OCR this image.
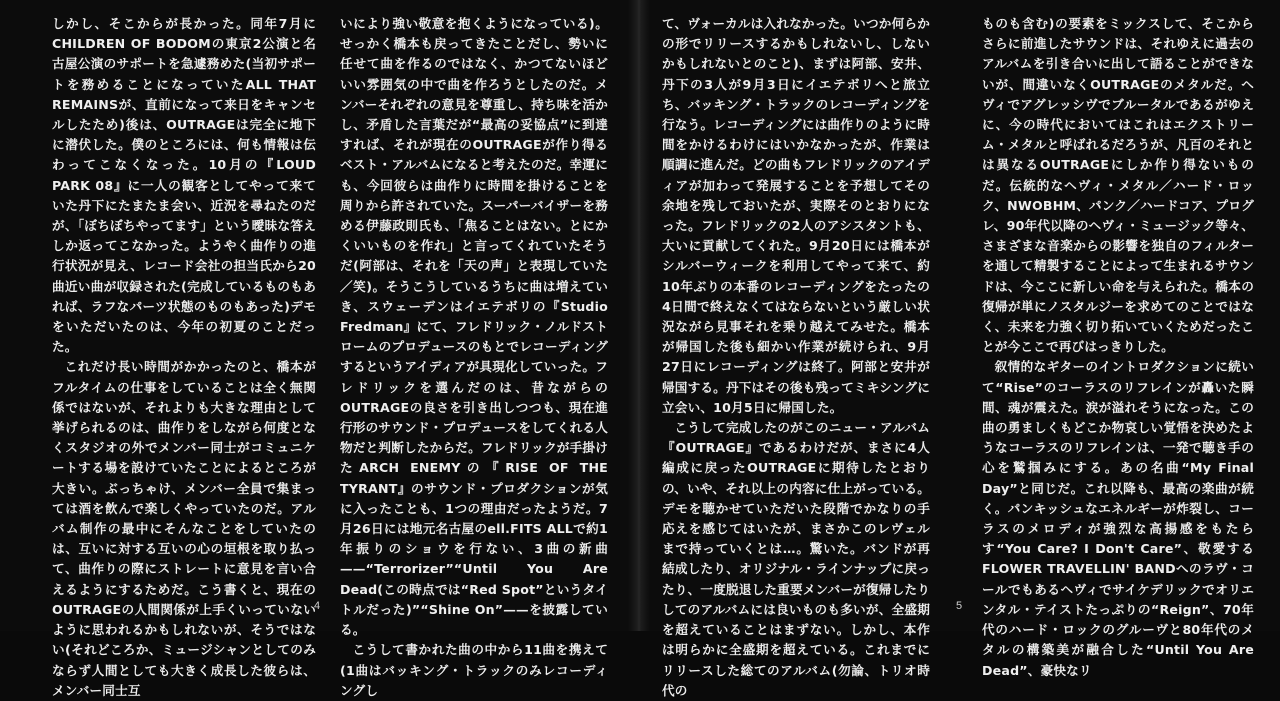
しかし、そこからが長かった。同年7月にCHILDREN OF BODOMの東京2公演と名古屋公演のサポートを急遽務めた(当初サポートを務めることになっていたALL THAT REMAINSが、直前になって来日をキャンセルしたため)後は、OUTRAGEは完全に地下に潜伏した。僕のところには、何も情報は伝わってこなくなった。10月の『LOUD PARK 08』に一人の観客としてやって来ていた丹下にたまたま会い、近況を尋ねたのだが、「ぼちぼちやってます」という曖昧な答えしか返ってこなかった。ようやく曲作りの進行状況が見え、レコード会社の担当氏から20曲近い曲が収録された(完成しているものもあれば、ラフなパーツ状態のものもあった)デモをいただいたのは、今年の初夏のことだった。

これだけ長い時間がかかったのと、橋本がフルタイムの仕事をしていることは全く無関係ではないが、それよりも大きな理由として挙げられるのは、曲作りをしながら何度となくスタジオの外でメンバー同士がコミュニケートする場を設けていたことによるところが大きい。ぶっちゃけ、メンバー全員で集まっては酒を飲んで楽しくやっていたのだ。アルバム制作の最中にそんなことをしていたのは、互いに対する互いの心の垣根を取り払って、曲作りの際にストレートに意見を言い合えるようにするためだ。こう書くと、現在のOUTRAGEの人間関係が上手くいっていないように思われるかもしれないが、そうではない(それどころか、ミュージシャンとしてのみならず人間としても大きく成長した彼らは、メンバー同士互

いにより強い敬意を抱くようになっている)。せっかく橋本も戻ってきたことだし、勢いに任せて曲を作るのではなく、かつてないほどいい雰囲気の中で曲を作ろうとしたのだ。メンバーそれぞれの意見を尊重し、持ち味を活かし、矛盾した言葉だが“最高の妥協点”に到達すれば、それが現在のOUTRAGEが作り得るベスト・アルバムになると考えたのだ。幸運にも、今回彼らは曲作りに時間を掛けることを周りから許されていた。スーパーバイザーを務める伊藤政則氏も、「焦ることはない。とにかくいいものを作れ」と言ってくれていたそうだ(阿部は、それを「天の声」と表現していた／笑)。そうこうしているうちに曲は増えていき、スウェーデンはイエテボリの『Studio Fredman』にて、フレドリック・ノルドストロームのプロデュースのもとでレコーディングするというアイディアが具現化していった。フレドリックを選んだのは、昔ながらのOUTRAGEの良さを引き出しつつも、現在進行形のサウンド・プロデュースをしてくれる人物だと判断したからだ。フレドリックが手掛けたARCH ENEMYの『RISE OF THE TYRANT』のサウンド・プロダクションが気に入ったことも、1つの理由だったようだ。7月26日には地元名古屋のell.FITS ALLで約1年振りのショウを行ない、3曲の新曲——“Terrorizer”“Until You Are Dead(この時点では“Red Spot”というタイトルだった)”“Shine On”——を披露している。

こうして書かれた曲の中から11曲を携えて(1曲はバッキング・トラックのみレコーディングし

4

て、ヴォーカルは入れなかった。いつか何らかの形でリリースするかもしれないし、しないかもしれないとのこと)、まずは阿部、安井、丹下の3人が9月3日にイエテボリへと旅立ち、バッキング・トラックのレコーディングを行なう。レコーディングには曲作りのように時間をかけるわけにはいかなかったが、作業は順調に進んだ。どの曲もフレドリックのアイディアが加わって発展することを予想してその余地を残しておいたが、実際そのとおりになった。フレドリックの2人のアシスタントも、大いに貢献してくれた。9月20日には橋本がシルバーウィークを利用してやって来て、約10年ぶりの本番のレコーディングをたったの4日間で終えなくてはならないという厳しい状況ながら見事それを乗り越えてみせた。橋本が帰国した後も細かい作業が続けられ、9月27日にレコーディングは終了。阿部と安井が帰国する。丹下はその後も残ってミキシングに立会い、10月5日に帰国した。

こうして完成したのがこのニュー・アルバム『OUTRAGE』であるわけだが、まさに4人編成に戻ったOUTRAGEに期待したとおりの、いや、それ以上の内容に仕上がっている。デモを聴かせていただいた段階でかなりの手応えを感じてはいたが、まさかこのレヴェルまで持っていくとは…。驚いた。バンドが再結成したり、オリジナル・ラインナップに戻ったり、一度脱退した重要メンバーが復帰したりしてのアルバムには良いものも多いが、全盛期を超えていることはまずない。しかし、本作は明らかに全盛期を超えている。これまでにリリースした総てのアルバム(勿論、トリオ時代の

ものも含む)の要素をミックスして、そこからさらに前進したサウンドは、それゆえに過去のアルバムを引き合いに出して語ることができないが、間違いなくOUTRAGEのメタルだ。ヘヴィでアグレッシヴでブルータルであるがゆえに、今の時代においてはこれはエクストリーム・メタルと呼ばれるだろうが、凡百のそれとは異なるOUTRAGEにしか作り得ないものだ。伝統的なヘヴィ・メタル／ハード・ロック、NWOBHM、パンク／ハードコア、プログレ、90年代以降のヘヴィ・ミュージック等々、さまざまな音楽からの影響を独自のフィルターを通して精製することによって生まれるサウンドは、今ここに新しい命を与えられた。橋本の復帰が単にノスタルジーを求めてのことではなく、未来を力強く切り拓いていくためだったことが今ここで再びはっきりした。

叙情的なギターのイントロダクションに続いて“Rise”のコーラスのリフレインが轟いた瞬間、魂が震えた。涙が溢れそうになった。この曲の勇ましくもどこか物哀しい覚悟を決めたようなコーラスのリフレインは、一発で聴き手の心を鷲掴みにする。あの名曲“My Final Day”と同じだ。これ以降も、最高の楽曲が続く。パンキッシュなエネルギーが炸裂し、コーラスのメロディが強烈な高揚感をもたらす“You Care? I Don't Care”、敬愛するFLOWER TRAVELLIN' BANDへのラヴ・コールでもあるヘヴィでサイケデリックでオリエンタル・テイストたっぷりの“Reign”、70年代のハード・ロックのグルーヴと80年代のメタルの構築美が融合した“Until You Are Dead”、豪快なリ

5
